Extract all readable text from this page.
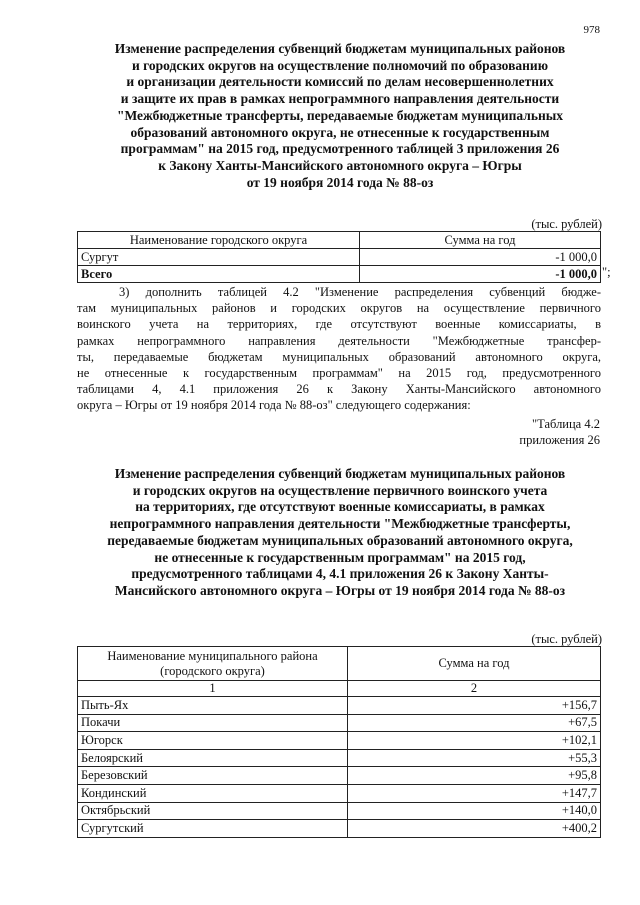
978
Изменение распределения субвенций бюджетам муниципальных районов
и городских округов на осуществление полномочий по образованию
и организации деятельности комиссий по делам несовершеннолетних
и защите их прав в рамках непрограммного направления деятельности
"Межбюджетные трансферты, передаваемые бюджетам муниципальных
образований автономного округа, не отнесенные к государственным
программам" на 2015 год, предусмотренного таблицей 3 приложения 26
к Закону Ханты-Мансийского автономного округа – Югры
от 19 ноября 2014 года № 88-оз
(тыс. рублей)
Наименование городского округа	Сумма на год
Сургут	-1 000,0
Всего	-1 000,0 ";
3) дополнить таблицей 4.2 "Изменение распределения субвенций бюдже-
там муниципальных районов и городских округов на осуществление первичного
воинского учета на территориях, где отсутствуют военные комиссариаты, в
рамках непрограммного направления деятельности "Межбюджетные трансфер-
ты, передаваемые бюджетам муниципальных образований автономного округа,
не отнесенные к государственным программам" на 2015 год, предусмотренного
таблицами 4, 4.1 приложения 26 к Закону Ханты-Мансийского автономного
округа – Югры от 19 ноября 2014 года № 88-оз" следующего содержания:
"Таблица 4.2
приложения 26
Изменение распределения субвенций бюджетам муниципальных районов
и городских округов на осуществление первичного воинского учета
на территориях, где отсутствуют военные комиссариаты, в рамках
непрограммного направления деятельности "Межбюджетные трансферты,
передаваемые бюджетам муниципальных образований автономного округа,
не отнесенные к государственным программам" на 2015 год,
предусмотренного таблицами 4, 4.1 приложения 26 к Закону Ханты-
Мансийского автономного округа – Югры от 19 ноября 2014 года № 88-оз
(тыс. рублей)
Наименование муниципального района (городского округа)	Сумма на год
1	2
Пыть-Ях	+156,7
Покачи	+67,5
Югорск	+102,1
Белоярский	+55,3
Березовский	+95,8
Кондинский	+147,7
Октябрьский	+140,0
Сургутский	+400,2
